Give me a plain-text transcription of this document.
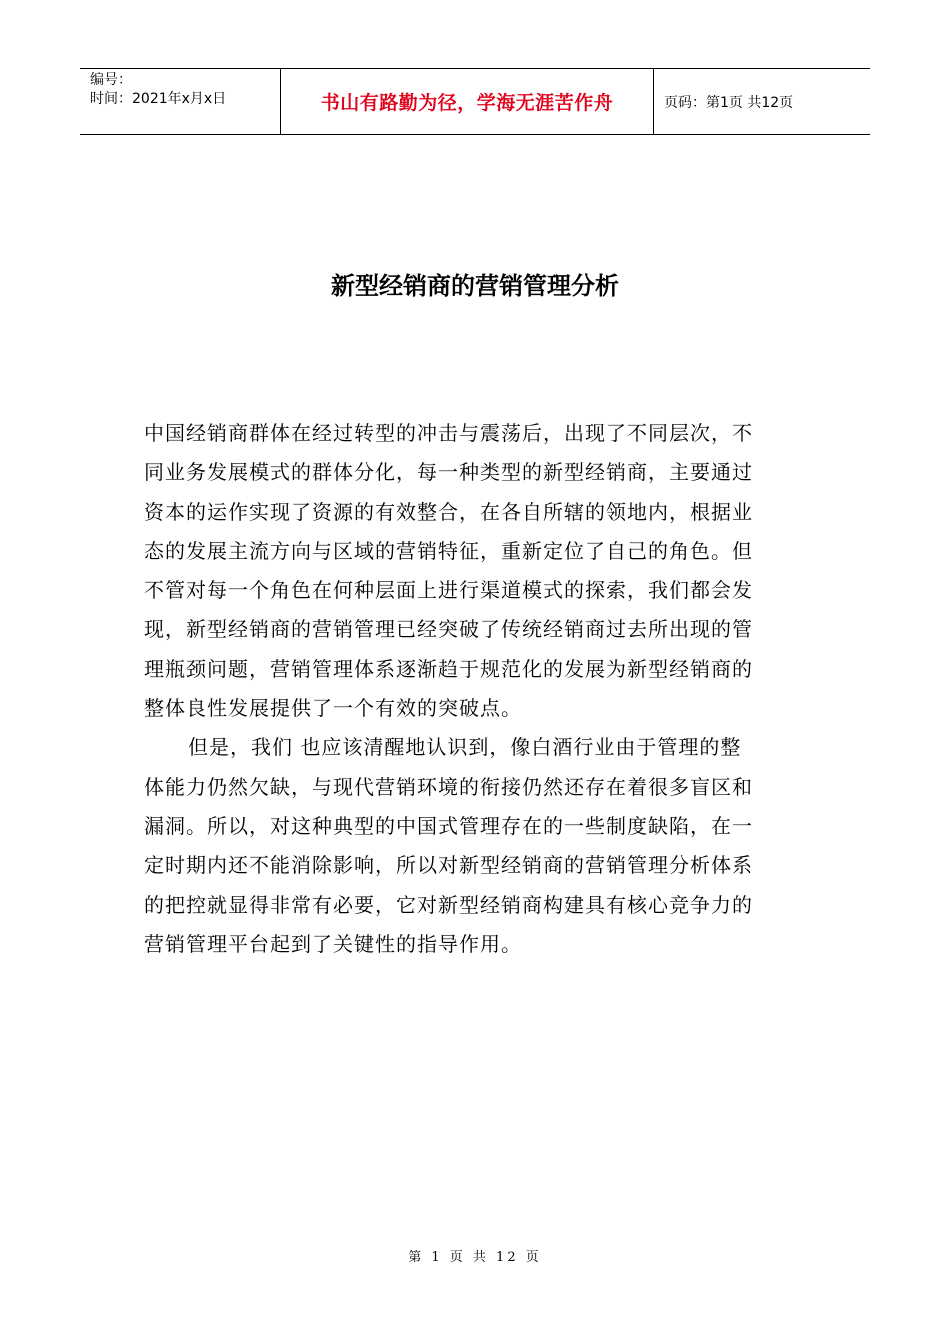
编号：
时间：2021年x月x日	书山有路勤为径，学海无涯苦作舟	页码：第1页 共12页
新型经销商的营销管理分析

中国经销商群体在经过转型的冲击与震荡后，出现了不同层次，不
同业务发展模式的群体分化，每一种类型的新型经销商，主要通过
资本的运作实现了资源的有效整合，在各自所辖的领地内，根据业
态的发展主流方向与区域的营销特征，重新定位了自己的角色。但
不管对每一个角色在何种层面上进行渠道模式的探索，我们都会发
现，新型经销商的营销管理已经突破了传统经销商过去所出现的管
理瓶颈问题，营销管理体系逐渐趋于规范化的发展为新型经销商的
整体良性发展提供了一个有效的突破点。

但是，我们 也应该清醒地认识到，像白酒行业由于管理的整
体能力仍然欠缺，与现代营销环境的衔接仍然还存在着很多盲区和
漏洞。所以，对这种典型的中国式管理存在的一些制度缺陷，在一
定时期内还不能消除影响，所以对新型经销商的营销管理分析体系
的把控就显得非常有必要，它对新型经销商构建具有核心竞争力的
营销管理平台起到了关键性的指导作用。

第 1 页 共 12 页
